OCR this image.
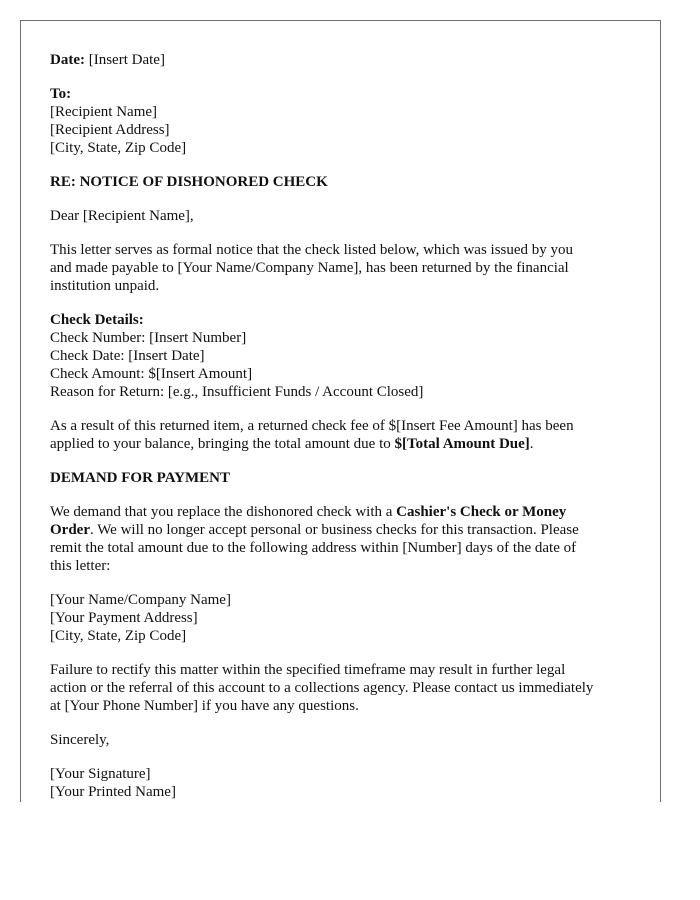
Date: [Insert Date]
To:
[Recipient Name]
[Recipient Address]
[City, State, Zip Code]
RE: NOTICE OF DISHONORED CHECK
Dear [Recipient Name],
This letter serves as formal notice that the check listed below, which was issued by you
and made payable to [Your Name/Company Name], has been returned by the financial
institution unpaid.
Check Details:
Check Number: [Insert Number]
Check Date: [Insert Date]
Check Amount: $[Insert Amount]
Reason for Return: [e.g., Insufficient Funds / Account Closed]
As a result of this returned item, a returned check fee of $[Insert Fee Amount] has been
applied to your balance, bringing the total amount due to $[Total Amount Due].
DEMAND FOR PAYMENT
We demand that you replace the dishonored check with a Cashier's Check or Money
Order. We will no longer accept personal or business checks for this transaction. Please
remit the total amount due to the following address within [Number] days of the date of
this letter:
[Your Name/Company Name]
[Your Payment Address]
[City, State, Zip Code]
Failure to rectify this matter within the specified timeframe may result in further legal
action or the referral of this account to a collections agency. Please contact us immediately
at [Your Phone Number] if you have any questions.
Sincerely,
[Your Signature]
[Your Printed Name]
